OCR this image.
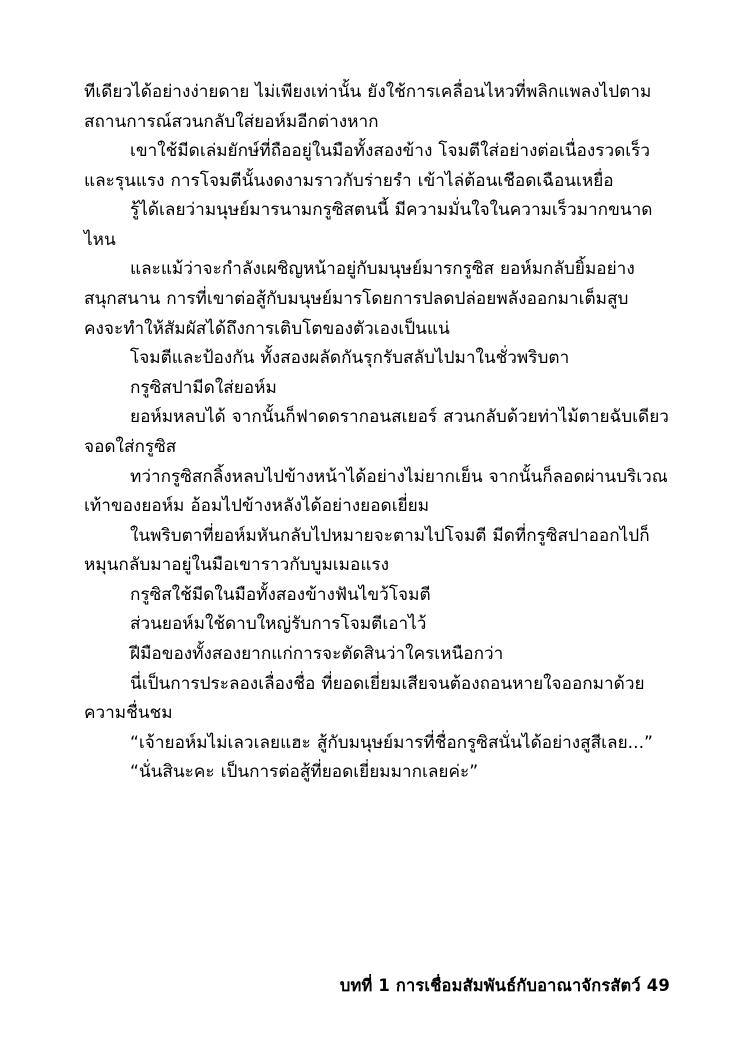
ทีเดียวได้อย่างง่ายดาย ไม่เพียงเท่านั้น ยังใช้การเคลื่อนไหวที่พลิกแพลงไปตามสถานการณ์สวนกลับใส่ยอห์มอีกต่างหาก

เขาใช้มีดเล่มยักษ์ที่ถืออยู่ในมือทั้งสองข้าง โจมตีใส่อย่างต่อเนื่องรวดเร็วและรุนแรง การโจมตีนั้นงดงามราวกับร่ายรำ เข้าไล่ต้อนเชือดเฉือนเหยื่อ

รู้ได้เลยว่ามนุษย์มารนามกรูซิสตนนี้ มีความมั่นใจในความเร็วมากขนาดไหน

และแม้ว่าจะกำลังเผชิญหน้าอยู่กับมนุษย์มารกรูซิส ยอห์มกลับยิ้มอย่างสนุกสนาน การที่เขาต่อสู้กับมนุษย์มารโดยการปลดปล่อยพลังออกมาเต็มสูบ คงจะทำให้สัมผัสได้ถึงการเติบโตของตัวเองเป็นแน่

โจมตีและป้องกัน ทั้งสองผลัดกันรุกรับสลับไปมาในชั่วพริบตา

กรูซิสปามีดใส่ยอห์ม

ยอห์มหลบได้ จากนั้นก็ฟาดดรากอนสเยอร์ สวนกลับด้วยท่าไม้ตายฉับเดียวจอดใส่กรูซิส

ทว่ากรูซิสกลิ้งหลบไปข้างหน้าได้อย่างไม่ยากเย็น จากนั้นก็ลอดผ่านบริเวณเท้าของยอห์ม อ้อมไปข้างหลังได้อย่างยอดเยี่ยม

ในพริบตาที่ยอห์มหันกลับไปหมายจะตามไปโจมตี มีดที่กรูซิสปาออกไปก็หมุนกลับมาอยู่ในมือเขาราวกับบูมเมอแรง

กรูซิสใช้มีดในมือทั้งสองข้างฟันไขว้โจมตี

ส่วนยอห์มใช้ดาบใหญ่รับการโจมตีเอาไว้

ฝีมือของทั้งสองยากแก่การจะตัดสินว่าใครเหนือกว่า

นี่เป็นการประลองเลื่องชื่อ ที่ยอดเยี่ยมเสียจนต้องถอนหายใจออกมาด้วยความชื่นชม

“เจ้ายอห์มไม่เลวเลยแฮะ สู้กับมนุษย์มารที่ชื่อกรูซิสนั่นได้อย่างสูสีเลย...”

“นั่นสินะคะ เป็นการต่อสู้ที่ยอดเยี่ยมมากเลยค่ะ”

บทที่ 1 การเชื่อมสัมพันธ์กับอาณาจักรสัตว์ 49
